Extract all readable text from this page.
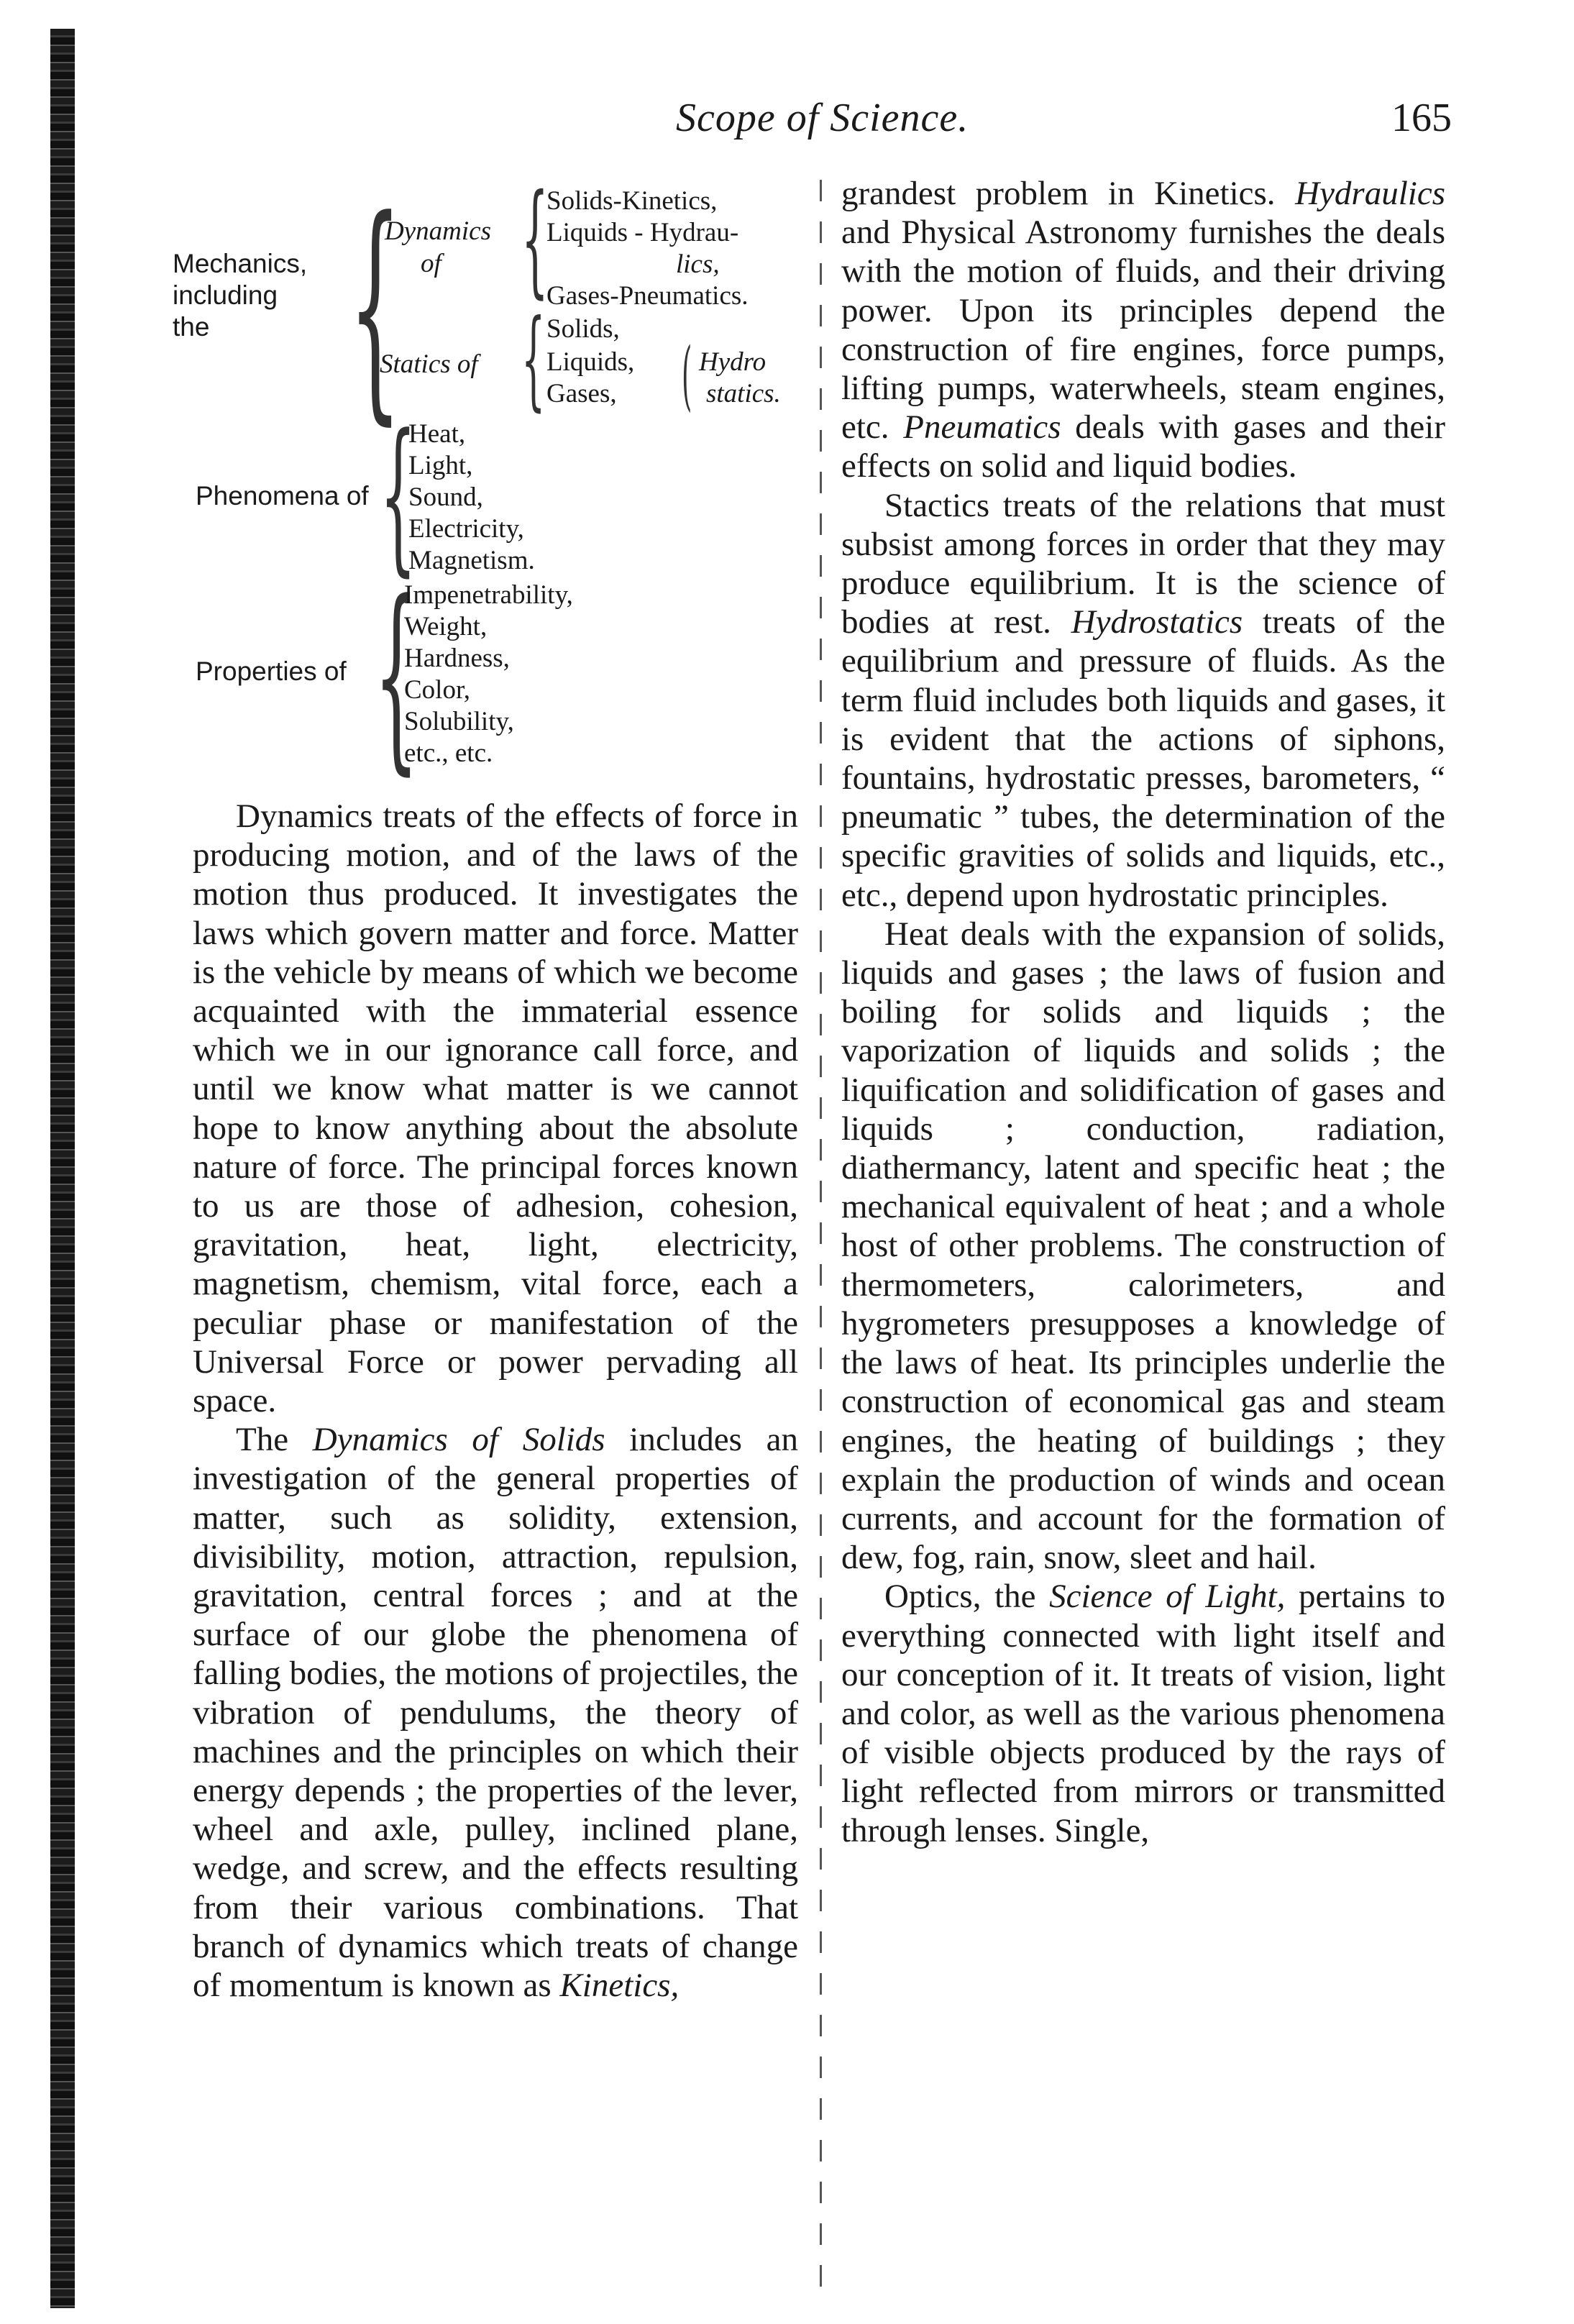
Scope of Science.	165
Mechanics,
including
the {
Dynamics
of {
Solids-Kinetics,
Liquids - Hydrau-
lics,
Gases-Pneumatics.
Statics of { Solids,
Liquids,
Gases, ( Hydro
statics.
Phenomena of {
Heat,
Light,
Sound,
Electricity,
Magnetism.
Properties of {
Impenetrability,
Weight,
Hardness,
Color,
Solubility,
etc., etc.

Dynamics treats of the effects of force in producing motion, and of the laws of the motion thus produced. It investigates the laws which govern matter and force. Matter is the vehicle by means of which we become acquainted with the immaterial essence which we in our ignorance call force, and until we know what matter is we cannot hope to know anything about the absolute nature of force. The principal forces known to us are those of adhesion, cohesion, gravitation, heat, light, electricity, magnetism, chemism, vital force, each a peculiar phase or manifestation of the Universal Force or power pervading all space.

The Dynamics of Solids includes an investigation of the general properties of matter, such as solidity, extension, divisibility, motion, attraction, repulsion, gravitation, central forces ; and at the surface of our globe the phenomena of falling bodies, the motions of projectiles, the vibration of pendulums, the theory of machines and the principles on which their energy depends ; the properties of the lever, wheel and axle, pulley, inclined plane, wedge, and screw, and the effects resulting from their various combinations. That branch of dynamics which treats of change of momentum is known as Kinetics,

grandest problem in Kinetics. Hydraulics and Physical Astronomy furnishes the deals with the motion of fluids, and their driving power. Upon its principles depend the construction of fire engines, force pumps, lifting pumps, waterwheels, steam engines, etc. Pneumatics deals with gases and their effects on solid and liquid bodies.

Stactics treats of the relations that must subsist among forces in order that they may produce equilibrium. It is the science of bodies at rest. Hydrostatics treats of the equilibrium and pressure of fluids. As the term fluid includes both liquids and gases, it is evident that the actions of siphons, fountains, hydrostatic presses, barometers, “ pneumatic ” tubes, the determination of the specific gravities of solids and liquids, etc., etc., depend upon hydrostatic principles.

Heat deals with the expansion of solids, liquids and gases ; the laws of fusion and boiling for solids and liquids ; the vaporization of liquids and solids ; the liquification and solidification of gases and liquids ; conduction, radiation, diathermancy, latent and specific heat ; the mechanical equivalent of heat ; and a whole host of other problems. The construction of thermometers, calorimeters, and hygrometers presupposes a knowledge of the laws of heat. Its principles underlie the construction of economical gas and steam engines, the heating of buildings ; they explain the production of winds and ocean currents, and account for the formation of dew, fog, rain, snow, sleet and hail.

Optics, the Science of Light, pertains to everything connected with light itself and our conception of it. It treats of vision, light and color, as well as the various phenomena of visible objects produced by the rays of light reflected from mirrors or transmitted through lenses. Single,
